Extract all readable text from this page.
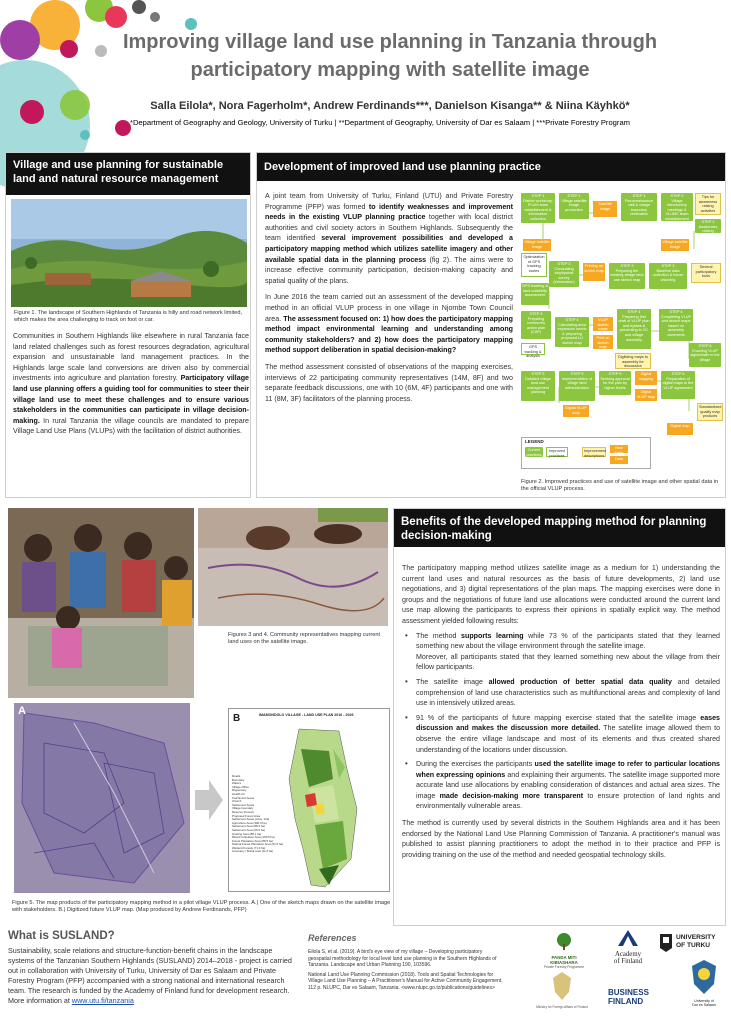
Improving village land use planning in Tanzania through participatory mapping with satellite image
Salla Eilola*, Nora Fagerholm*, Andrew Ferdinands***, Danielson Kisanga** & Niina Käyhkö*
*Department of Geography and Geology, University of Turku | **Department of Geography, University of Dar es Salaam | ***Private Forestry Program
Village and use planning for sustainable land and natural resource management
Figure 1. The landscape of Southern Highlands of Tanzania is hilly and road network limited, which makes the area challenging to track on foot or car.
Communities in Southern Highlands like elsewhere in rural Tanzania face land related challenges such as forest resources degradation, agricultural expansion and unsustainable land management practices. In the Highlands large scale land conversions are driven also by commercial investments into agriculture and plantation forestry. Participatory village land use planning offers a guiding tool for communities to steer their village land use to meet these challenges and to ensure various stakeholders in the communities can participate in village decision-making. In rural Tanzania the village councils are mandated to prepare Village Land Use Plans (VLUPs) with the facilitation of district authorities.
Development of improved land use planning practice

A joint team from University of Turku, Finland (UTU) and Private Forestry Programme (PFP) was formed to identify weaknesses and improvement needs in the existing VLUP planning practice together with local district authorities and civil society actors in Southern Highlands. Subsequently the team identified several improvement possibilities and developed a participatory mapping method which utilizes satellite imagery and other available spatial data in the planning process (fig 2). The aims were to increase effective community participation, decision-making capacity and spatial quality of the plans.

In June 2016 the team carried out an assessment of the developed mapping method in an official VLUP process in one village in Njombe Town Council area. The assessment focused on: 1) how does the participatory mapping method impact environmental learning and understanding among community stakeholders? and 2) how does the participatory mapping method support deliberation in spatial decision-making?

The method assessment consisted of observations of the mapping exercises, interviews of 22 participating community representatives (14M, 8F) and two separate feedback discussions, one with 10 (6M, 4F) participants and one with 11 (8M, 3F) facilitators of the planning process.

STEP 1
District workshop, PLUM team establishment & information collection
STEP 1
Village satellite image production
Satellite image
STEP 1
Reconnaissance visit & village boundary verification
STEP 2
Village introductory meetings & VLUMC team establishment
Tips for awareness raising activities
STEP 2
Awareness raising
Village satellite image
Village satellite image
Optimization of GPS tracking routes
STEP 3
Conducting biophysical survey (information)
Printing on sketch map
STEP 3
Preparing the existing village land use sketch map
STEP 3
Baseline data collection & future visioning
Several participatory tools
GPS tracking & land suitability assessment
STEP 4
Preparing community action plan (CAP)
STEP 4
Calculating area expansion needs & preparing proposed LU sketch map
VLUP sketch maps
Print on sketch map
STEP 4
Preparing first draft of VLUP plan and bylaws & presenting to VC and village assembly
STEP 4
Completing VLUP and sketch maps based on assembly comments
GPS tracking & analysis	Digitizing maps to assembly for discussion
STEP 5
Detailed village land use management planning
STEP 5
Implementation of village land administration
STEP 5
Seeking approval for the plan by higher levels
Digital mapping
Digital VLUP map
STEP 6
Preparation of digital maps to the VLUP agreement
STEP 6
Enacting VLUP signed/with in the village
Standardised quality map products
Digital VLUP map
Digital map
LEGEND
Current practices
Improvement descriptions
Improved practices
New tasks
Data
Figure 2. Improved practices and use of satellite image and other spatial data in the official VLUP process.
Figures 3 and 4. Community representatives mapping current land uses on the satellite image.
A
B	IMAMONDOLO VILLAGE - LAND USE PLAN 2016 - 2026
Roads
Boundary
Waters
Village Office
Dispensary
Health Ctr
Catchment Areas
Church
Settlement Areas
Village boundary
Reserve (Forest)
Proposed Forest Area
Settlement Areas (Uma. 1ha)
Agriculture Area (300.0 ha)
Settlement Area (88.3 ha)
Settlement Area (26.6 ha)
Grazing Area (88.1 ha)
Mixed Cultivation Area (150.5 ha)
Forest Plantation Area (88.5 ha)
Natural Forest Plantation Area (51.5 ha)
Wetland Forests (71.0 ha)
Cemetery / Burial area (11.6 ha)
Figure 5. The map products of the participatory mapping method in a pilot village VLUP process. A.) One of the sketch maps drawn on the satellite image with stakeholders. B.) Digitized future VLUP map. (Map produced by Andrew Ferdinands, PFP)
Benefits of the developed mapping method for planning decision-making

The participatory mapping method utilizes satellite image as a medium for 1) understanding the current land uses and natural resources as the basis of future developments, 2) land use negotiations, and 3) digital representations of the plan maps. The mapping exercises were done in groups and the negotiations of future land use allocations were conducted around the current land use map allowing the participants to express their opinions in spatially explicit way. The method assessment yielded following results:

• The method supports learning while 73 % of the participants stated that they learned something new about the village environment through the satellite image.
Moreover, all participants stated that they learned something new about the village from their fellow participants.
• The satellite image allowed production of better spatial data quality and detailed comprehension of land use characteristics such as multifunctional areas and complexity of land use in intensively utilized areas.
• 91 % of the participants of future mapping exercise stated that the satellite image eases discussion and makes the discussion more detailed. The satellite image allowed them to observe the entire village landscape and most of its elements and thus created shared understanding of the locations under discussion.
• During the exercises the participants used the satellite image to refer to particular locations when expressing opinions and explaining their arguments. The satellite image supported more accurate land use allocations by enabling consideration of distances and actual area sizes. The image made decision-making more transparent to ensure protection of land rights and environmentally vulnerable areas.

The method is currently used by several districts in the Southern Highlands area and it has been endorsed by the National Land Use Planning Commission of Tanzania. A practitioner's manual was published to assist planning practitioners to adopt the method in to their practice and PFP is providing training on the use of the method and needed geospatial technology skills.

What is SUSLAND?
Sustainability, scale relations and structure-function-benefit chains in the landscape systems of the Tanzanian Southern Highlands (SUSLAND) 2014–2018 - project is carried out in collaboration with University of Turku, University of Dar es Salaam and Private Forestry Program (PFP) accompanied with a strong national and international research team. The research is funded by the Academy of Finland fund for development research. More information at www.utu.fi/tanzania
References
Eilola S, et al. (2019). A bird's eye view of my village – Developing participatory geospatial methodology for local level land use planning in the Southern Highlands of Tanzania. Landscape and Urban Planning 190, 103596.
National Land Use Planning Commission (2018). Tools and Spatial Technologies for Village Land Use Planning – A Practitioner's Manual for Active Community Engagement. 112 p. NLUPC, Dar es Salaam, Tanzania. <www.nlupc.go.tz/publications/guidelines>
PANDA MITI KIBIASHARA
Private Forestry Programme
Academy
of Finland
UNIVERSITY
OF TURKU
Ministry for Foreign Affairs of Finland
BUSINESS
FINLAND	University of
Dar es Salaam
